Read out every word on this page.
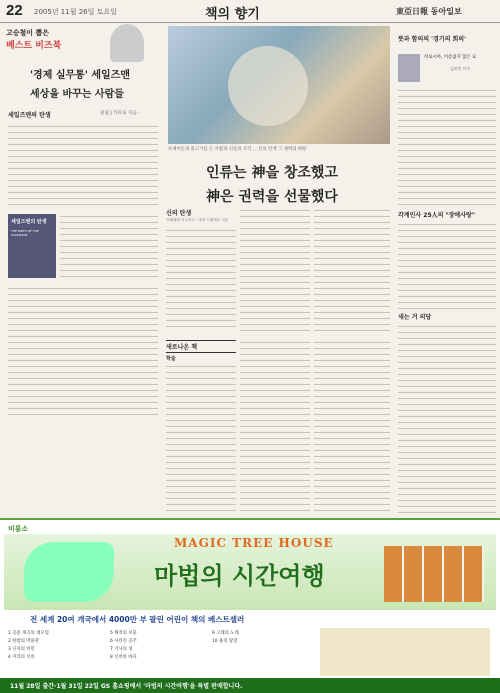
22 2005년 11월 26일 토요일	책의 향기	東亞日報 동아일보
고승철이 뽑은
베스트 비즈북
'경제 실무통' 세일즈맨
세상을 바꾸는 사람들
세일즈맨의 탄생	필립 J 카파로 지음 ·
세일즈맨의 탄생
THE BIRTH OF THE SALESMAN
포세이돈과 물고기를 든 사람과 신들의 조각 ... 신의 탄생 그 권력의 바탕
인류는 神을 창조했고
神은 권력을 선물했다
신의 탄생
프레데릭 르누아르 · 마리 드뤼케르 지음
새로나온 책
학술
뜻과 함의의 '경기의 회의'
히로시마, 이름없지 않은 묘
김보민 미우
각계인사 25人의 "장애사랑"
새는 거 의당
비룡소
MAGIC TREE HOUSE
마법의 시간여행
전 세계 20여 개국에서 4000만 부 팔린 어린이 책의 베스트셀러
1 공룡 계곡의 대모험
2 한밤의 박물관
3 닌자의 비밀
4 미라의 신비
5 해적의 보물
6 사라진 공주
7 기사의 성
8 신비한 바다
9 고래의 노래
10 용의 탐험
11월 28일 출간·1월 31일 22일 GS 홈쇼핑에서 '마법의 시간여행'을 특별 판매합니다.
